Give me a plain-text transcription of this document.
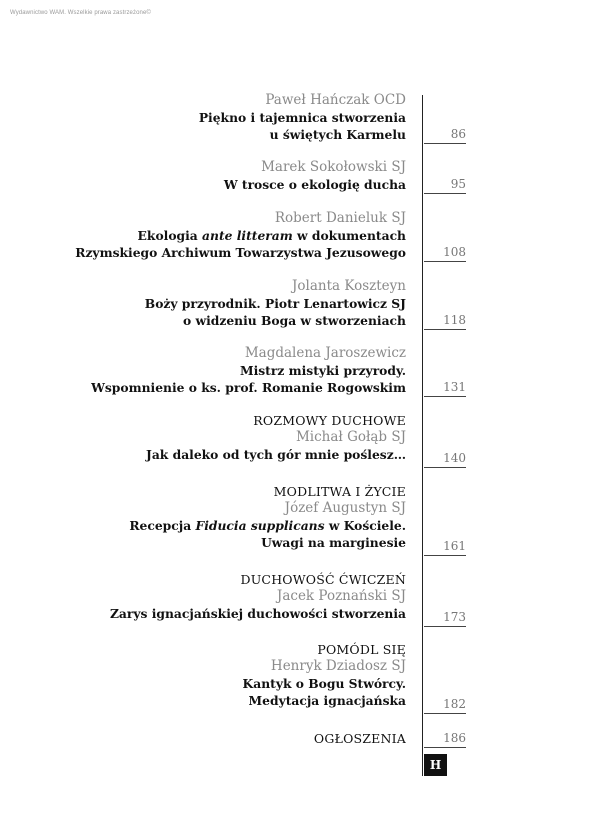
Wydawnictwo WAM. Wszelkie prawa zastrzeżone©
Paweł Hańczak OCD
Piękno i tajemnica stworzenia
u świętych Karmelu	86
Marek Sokołowski SJ
W trosce o ekologię ducha	95
Robert Danieluk SJ
Ekologia ante litteram w dokumentach
Rzymskiego Archiwum Towarzystwa Jezusowego	108
Jolanta Koszteyn
Boży przyrodnik. Piotr Lenartowicz SJ
o widzeniu Boga w stworzeniach	118
Magdalena Jaroszewicz
Mistrz mistyki przyrody.
Wspomnienie o ks. prof. Romanie Rogowskim	131
ROZMOWY DUCHOWE
Michał Gołąb SJ
Jak daleko od tych gór mnie poślesz…	140
MODLITWA I ŻYCIE
Józef Augustyn SJ
Recepcja Fiducia supplicans w Kościele.
Uwagi na marginesie	161
DUCHOWOŚĆ ĆWICZEŃ
Jacek Poznański SJ
Zarys ignacjańskiej duchowości stworzenia	173
POMÓDL SIĘ
Henryk Dziadosz SJ
Kantyk o Bogu Stwórcy.
Medytacja ignacjańska	182
OGŁOSZENIA	186
H
